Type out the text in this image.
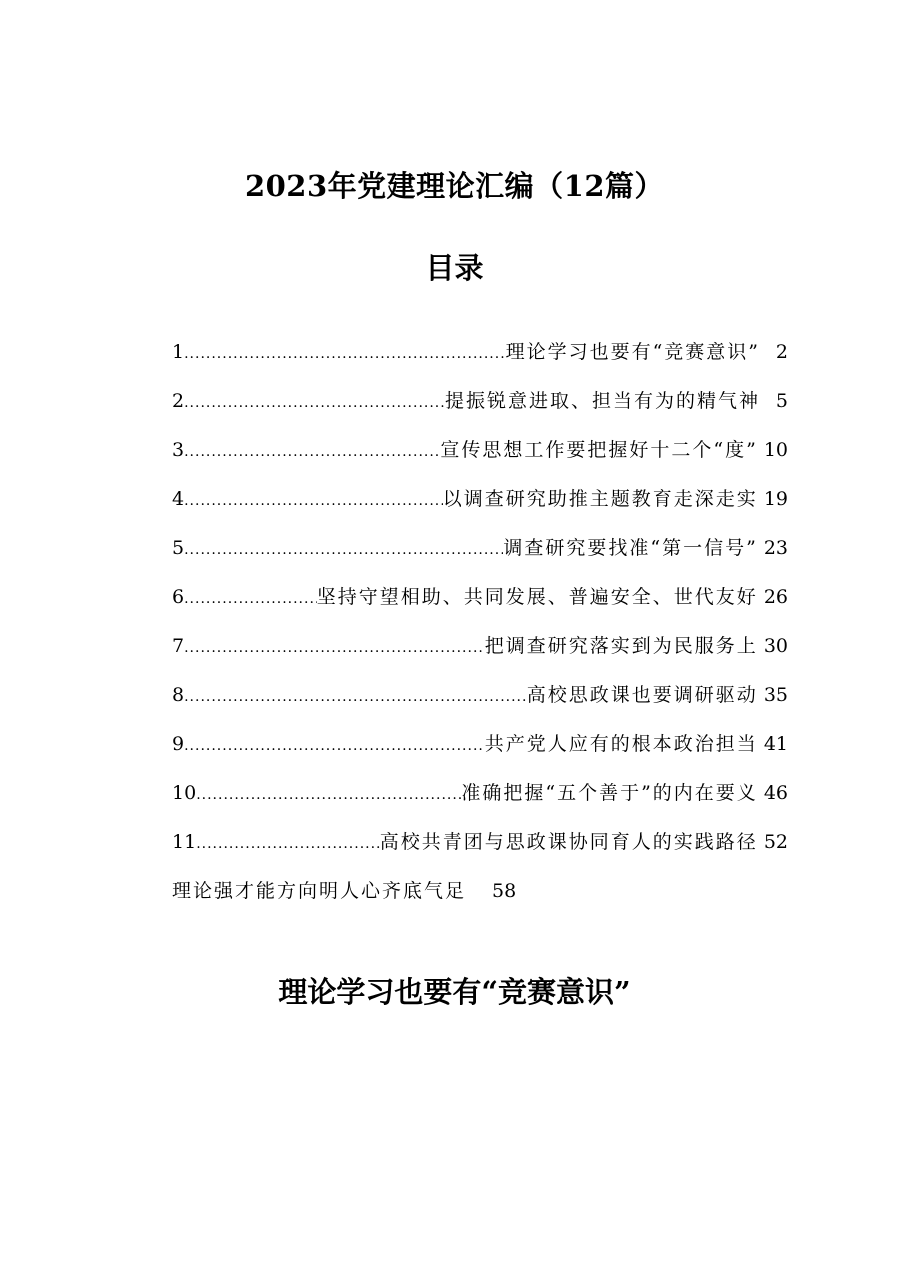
2023年党建理论汇编（12篇）
目录
1 .....	理论学习也要有“竞赛意识” 2
2 .....	提振锐意进取、担当有为的精气神 5
3 .....	宣传思想工作要把握好十二个“度” 10
4 .....	以调查研究助推主题教育走深走实 19
5 .....	调查研究要找准“第一信号” 23
6 .....	坚持守望相助、共同发展、普遍安全、世代友好 26
7 .....	把调查研究落实到为民服务上 30
8 .....	高校思政课也要调研驱动 35
9 .....	共产党人应有的根本政治担当 41
10 .....	准确把握“五个善于”的内在要义 46
11 .....	高校共青团与思政课协同育人的实践路径 52
理论强才能方向明人心齐底气足 58
理论学习也要有“竞赛意识”
